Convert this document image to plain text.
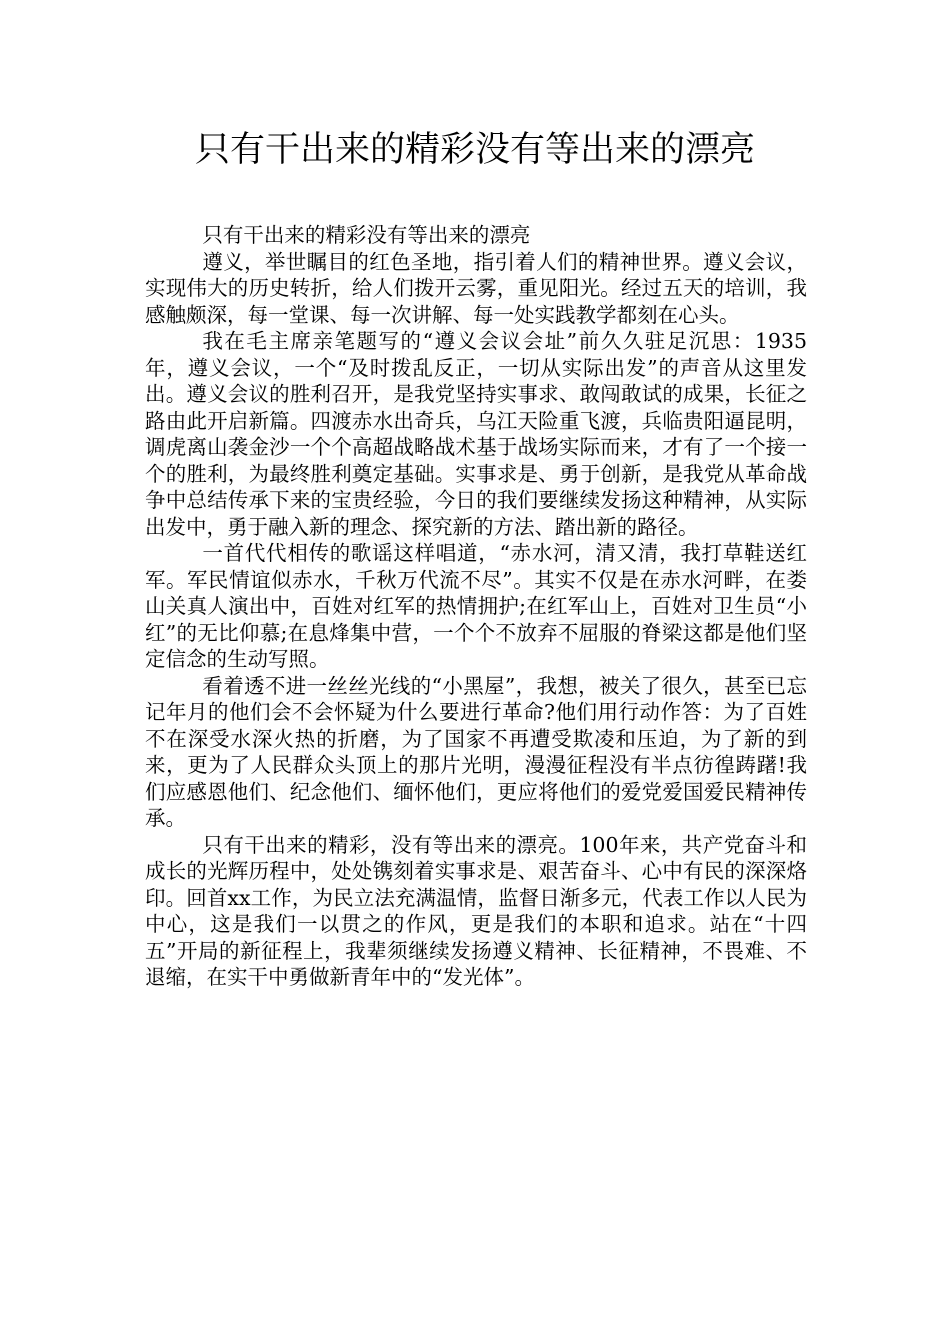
只有干出来的精彩没有等出来的漂亮

只有干出来的精彩没有等出来的漂亮

遵义，举世瞩目的红色圣地，指引着人们的精神世界。遵义会议，实现伟大的历史转折，给人们拨开云雾，重见阳光。经过五天的培训，我感触颇深，每一堂课、每一次讲解、每一处实践教学都刻在心头。

我在毛主席亲笔题写的“遵义会议会址”前久久驻足沉思：1935年，遵义会议，一个“及时拨乱反正，一切从实际出发”的声音从这里发出。遵义会议的胜利召开，是我党坚持实事求、敢闯敢试的成果，长征之路由此开启新篇。四渡赤水出奇兵，乌江天险重飞渡，兵临贵阳逼昆明，调虎离山袭金沙一个个高超战略战术基于战场实际而来，才有了一个接一个的胜利，为最终胜利奠定基础。实事求是、勇于创新，是我党从革命战争中总结传承下来的宝贵经验，今日的我们要继续发扬这种精神，从实际出发中，勇于融入新的理念、探究新的方法、踏出新的路径。

一首代代相传的歌谣这样唱道，“赤水河，清又清，我打草鞋送红军。军民情谊似赤水，千秋万代流不尽”。其实不仅是在赤水河畔，在娄山关真人演出中，百姓对红军的热情拥护;在红军山上，百姓对卫生员“小红”的无比仰慕;在息烽集中营，一个个不放弃不屈服的脊梁这都是他们坚定信念的生动写照。

看着透不进一丝丝光线的“小黑屋”，我想，被关了很久，甚至已忘记年月的他们会不会怀疑为什么要进行革命?他们用行动作答：为了百姓不在深受水深火热的折磨，为了国家不再遭受欺凌和压迫，为了新的到来，更为了人民群众头顶上的那片光明，漫漫征程没有半点彷徨踌躇!我们应感恩他们、纪念他们、缅怀他们，更应将他们的爱党爱国爱民精神传承。

只有干出来的精彩，没有等出来的漂亮。100年来，共产党奋斗和成长的光辉历程中，处处镌刻着实事求是、艰苦奋斗、心中有民的深深烙印。回首xx工作，为民立法充满温情，监督日渐多元，代表工作以人民为中心，这是我们一以贯之的作风，更是我们的本职和追求。站在“十四五”开局的新征程上，我辈须继续发扬遵义精神、长征精神，不畏难、不退缩，在实干中勇做新青年中的“发光体”。
